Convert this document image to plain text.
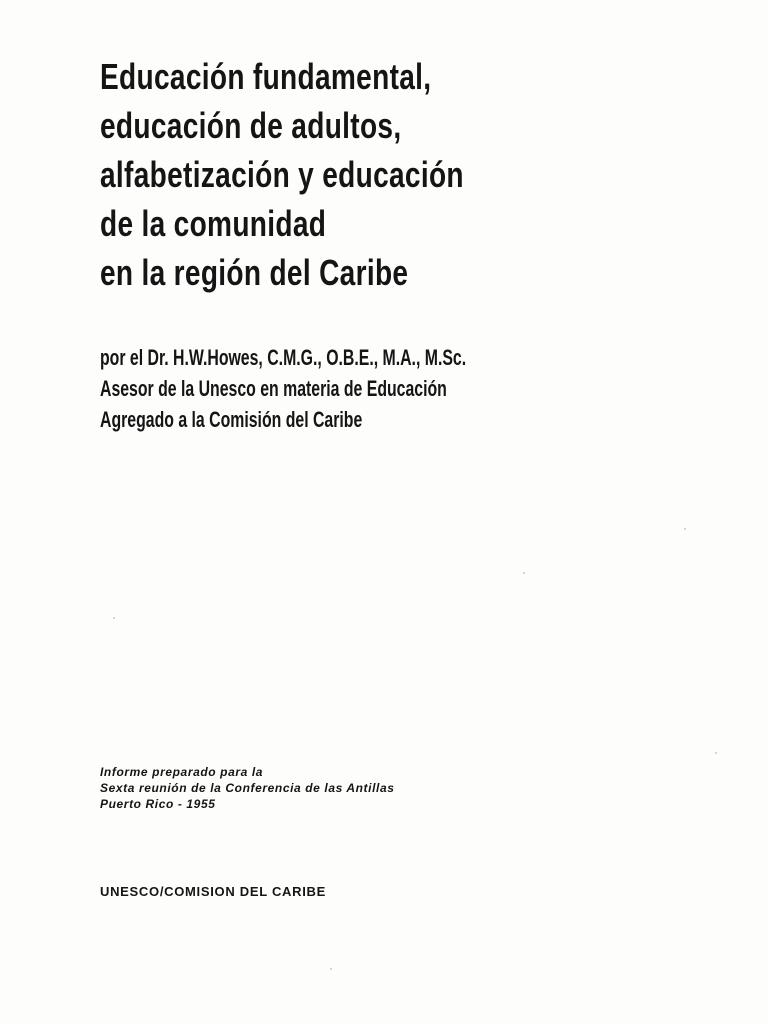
Educación fundamental,
educación de adultos,
alfabetización y educación
de la comunidad
en la región del Caribe
por el Dr. H.W.Howes, C.M.G., O.B.E., M.A., M.Sc.
Asesor de la Unesco en materia de Educación
Agregado a la Comisión del Caribe
Informe preparado para la
Sexta reunión de la Conferencia de las Antillas
Puerto Rico - 1955
UNESCO/COMISION DEL CARIBE
